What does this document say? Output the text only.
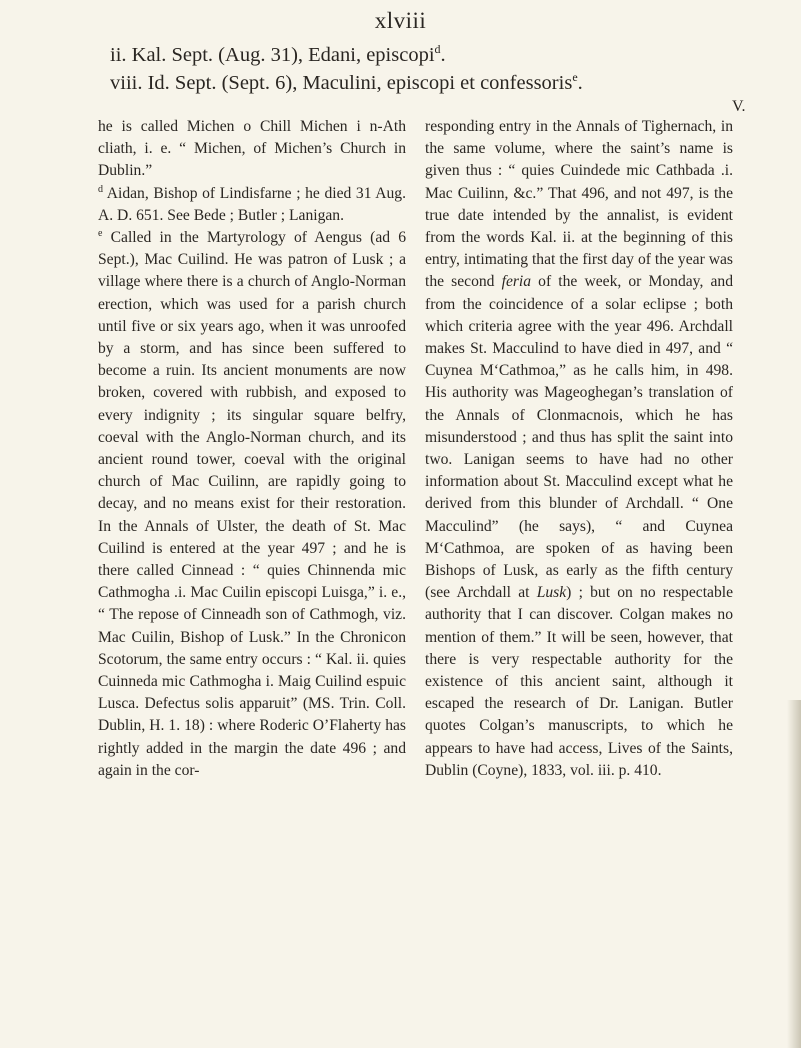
xlviii
ii. Kal. Sept. (Aug. 31), Edani, episcopi$^d$.
viii. Id. Sept. (Sept. 6), Maculini, episcopi et confessoris$^e$.
V.

he is called Michen o Chill Michen i n-Ath cliath, i. e. “ Michen, of Michen’s Church in Dublin.”

$^d$ Aidan, Bishop of Lindisfarne ; he died 31 Aug. A. D. 651. See Bede ; Butler ; Lanigan.

$^e$ Called in the Martyrology of Aengus (ad 6 Sept.), Mac Cuilind. He was patron of Lusk ; a village where there is a church of Anglo-Norman erection, which was used for a parish church until five or six years ago, when it was unroofed by a storm, and has since been suffered to become a ruin. Its ancient monuments are now broken, covered with rubbish, and exposed to every indignity ; its singular square belfry, coeval with the Anglo-Norman church, and its ancient round tower, coeval with the original church of Mac Cuilinn, are rapidly going to decay, and no means exist for their restoration. In the Annals of Ulster, the death of St. Mac Cuilind is entered at the year 497 ; and he is there called Cinnead : “ quies Chinnenda mic Cathmogha .i. Mac Cuilin episcopi Luisga,” i. e., “ The repose of Cinneadh son of Cathmogh, viz. Mac Cuilin, Bishop of Lusk.” In the Chronicon Scotorum, the same entry occurs : “ Kal. ii. quies Cuinneda mic Cathmogha i. Maig Cuilind espuic Lusca. Defectus solis apparuit” (MS. Trin. Coll. Dublin, H. 1. 18) : where Roderic O’Flaherty has rightly added in the margin the date 496 ; and again in the cor-

responding entry in the Annals of Tighernach, in the same volume, where the saint’s name is given thus : “ quies Cuindede mic Cathbada .i. Mac Cuilinn, &c.” That 496, and not 497, is the true date intended by the annalist, is evident from the words Kal. ii. at the beginning of this entry, intimating that the first day of the year was the second feria of the week, or Monday, and from the coincidence of a solar eclipse ; both which criteria agree with the year 496. Archdall makes St. Macculind to have died in 497, and “ Cuynea M‘Cathmoa,” as he calls him, in 498. His authority was Mageoghegan’s translation of the Annals of Clonmacnois, which he has misunderstood ; and thus has split the saint into two. Lanigan seems to have had no other information about St. Macculind except what he derived from this blunder of Archdall. “ One Macculind” (he says), “ and Cuynea M‘Cathmoa, are spoken of as having been Bishops of Lusk, as early as the fifth century (see Archdall at Lusk) ; but on no respectable authority that I can discover. Colgan makes no mention of them.” It will be seen, however, that there is very respectable authority for the existence of this ancient saint, although it escaped the research of Dr. Lanigan. Butler quotes Colgan’s manuscripts, to which he appears to have had access, Lives of the Saints, Dublin (Coyne), 1833, vol. iii. p. 410.
